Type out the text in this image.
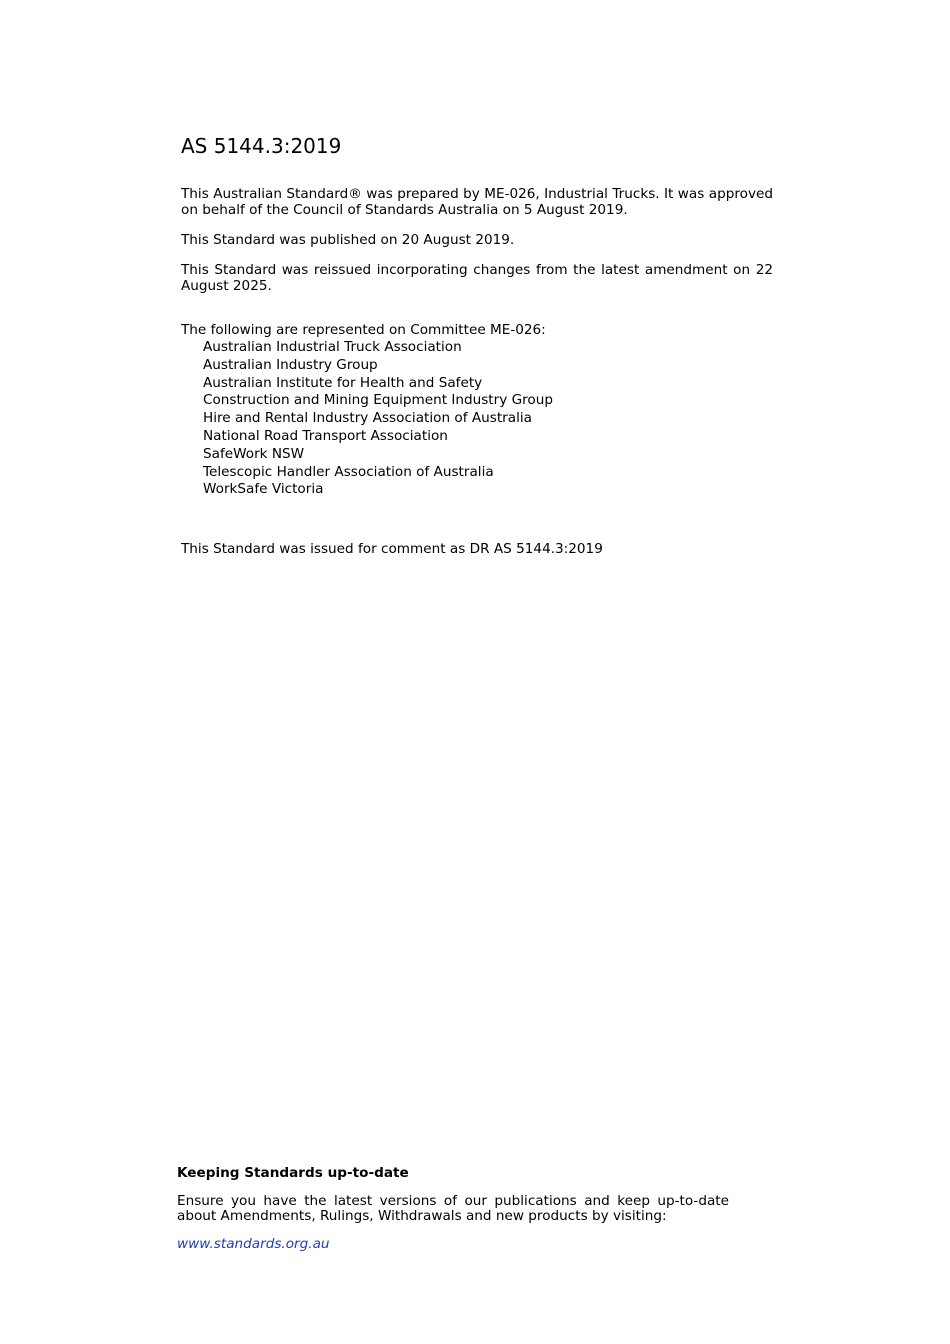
AS 5144.3:2019

This Australian Standard® was prepared by ME-026, Industrial Trucks. It was approved on behalf of the Council of Standards Australia on 5 August 2019.

This Standard was published on 20 August 2019.

This Standard was reissued incorporating changes from the latest amendment on 22 August 2025.

The following are represented on Committee ME-026:
Australian Industrial Truck Association
Australian Industry Group
Australian Institute for Health and Safety
Construction and Mining Equipment Industry Group
Hire and Rental Industry Association of Australia
National Road Transport Association
SafeWork NSW
Telescopic Handler Association of Australia
WorkSafe Victoria

This Standard was issued for comment as DR AS 5144.3:2019

Keeping Standards up-to-date

Ensure you have the latest versions of our publications and keep up-to-date about Amendments, Rulings, Withdrawals and new products by visiting:

www.standards.org.au
